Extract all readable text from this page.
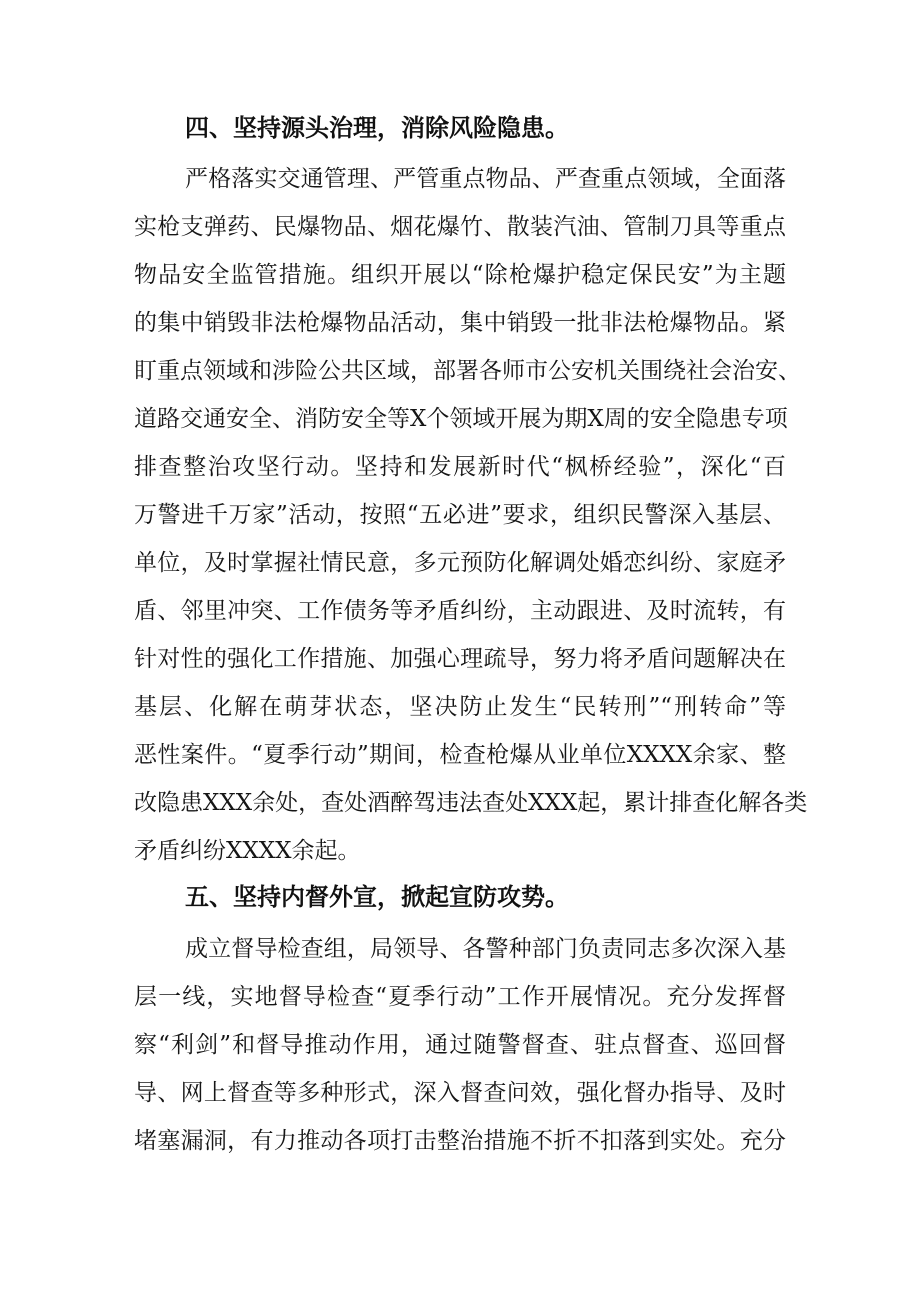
四、坚持源头治理，消除风险隐患。
严格落实交通管理、严管重点物品、严查重点领域，全面落
实枪支弹药、民爆物品、烟花爆竹、散装汽油、管制刀具等重点
物品安全监管措施。组织开展以“除枪爆护稳定保民安”为主题
的集中销毁非法枪爆物品活动，集中销毁一批非法枪爆物品。紧
盯重点领域和涉险公共区域，部署各师市公安机关围绕社会治安、
道路交通安全、消防安全等X个领域开展为期X周的安全隐患专项
排查整治攻坚行动。坚持和发展新时代“枫桥经验”，深化“百
万警进千万家”活动，按照“五必进”要求，组织民警深入基层、
单位，及时掌握社情民意，多元预防化解调处婚恋纠纷、家庭矛
盾、邻里冲突、工作债务等矛盾纠纷，主动跟进、及时流转，有
针对性的强化工作措施、加强心理疏导，努力将矛盾问题解决在
基层、化解在萌芽状态，坚决防止发生“民转刑”“刑转命”等
恶性案件。“夏季行动”期间，检查枪爆从业单位XXXX余家、整
改隐患XXX余处，查处酒醉驾违法查处XXX起，累计排查化解各类
矛盾纠纷XXXX余起。
五、坚持内督外宣，掀起宣防攻势。
成立督导检查组，局领导、各警种部门负责同志多次深入基
层一线，实地督导检查“夏季行动”工作开展情况。充分发挥督
察“利剑”和督导推动作用，通过随警督查、驻点督查、巡回督
导、网上督查等多种形式，深入督查问效，强化督办指导、及时
堵塞漏洞，有力推动各项打击整治措施不折不扣落到实处。充分
